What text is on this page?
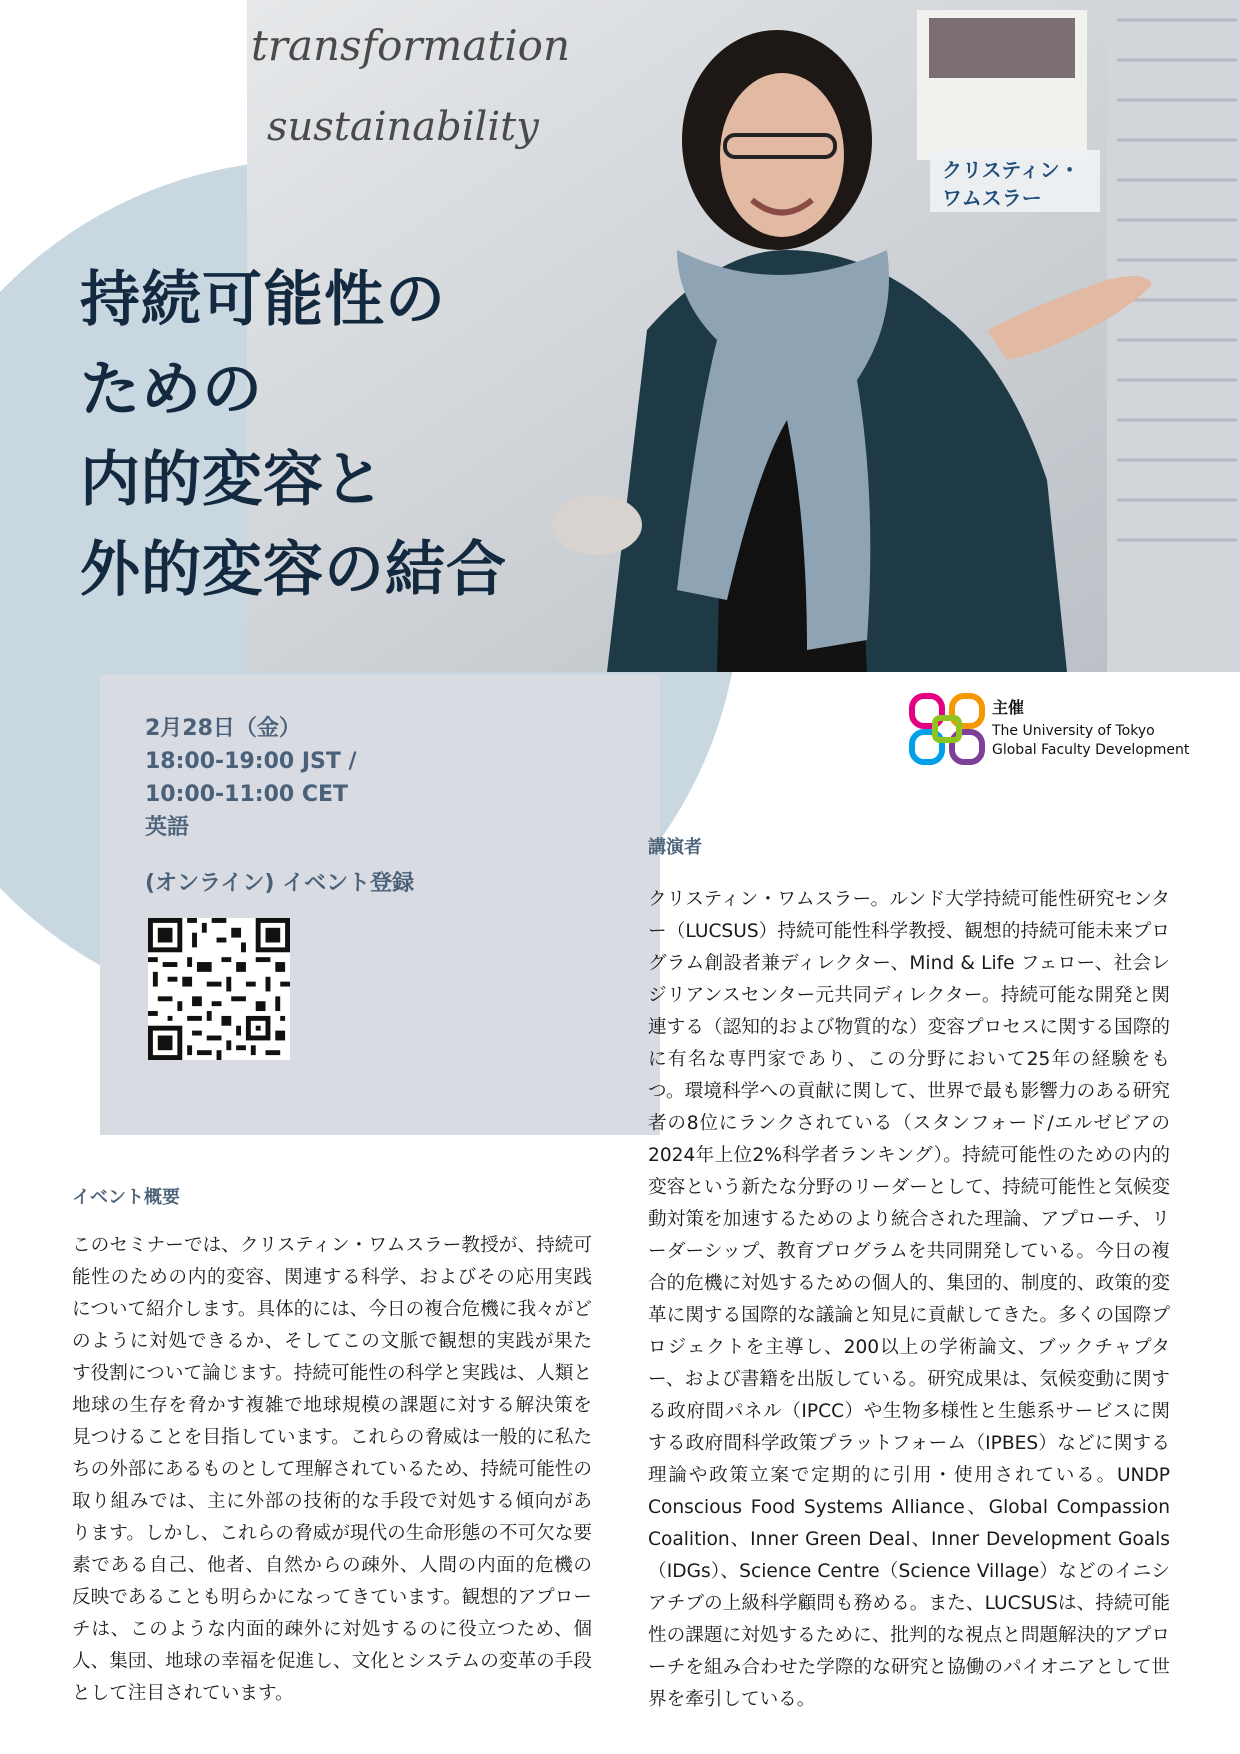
transformation
sustainability
クリスティン・
ワムスラー
持続可能性の
ための
内的変容と
外的変容の結合
2月28日（金）
18:00-19:00 JST /
10:00-11:00 CET
英語
(オンライン) イベント登録
主催
The University of Tokyo
Global Faculty Development
講演者

クリスティン・ワムスラー。ルンド大学持続可能性研究センター（LUCSUS）持続可能性科学教授、観想的持続可能未来プログラム創設者兼ディレクター、Mind & Life フェロー、社会レジリアンスセンター元共同ディレクター。持続可能な開発と関連する（認知的および物質的な）変容プロセスに関する国際的に有名な専門家であり、この分野において25年の経験をもつ。環境科学への貢献に関して、世界で最も影響力のある研究者の8位にランクされている（スタンフォード/エルゼビアの2024年上位2%科学者ランキング）。持続可能性のための内的変容という新たな分野のリーダーとして、持続可能性と気候変動対策を加速するためのより統合された理論、アプローチ、リーダーシップ、教育プログラムを共同開発している。今日の複合的危機に対処するための個人的、集団的、制度的、政策的変革に関する国際的な議論と知見に貢献してきた。多くの国際プロジェクトを主導し、200以上の学術論文、ブックチャプター、および書籍を出版している。研究成果は、気候変動に関する政府間パネル（IPCC）や生物多様性と生態系サービスに関する政府間科学政策プラットフォーム（IPBES）などに関する理論や政策立案で定期的に引用・使用されている。UNDP Conscious Food Systems Alliance、Global Compassion Coalition、Inner Green Deal、Inner Development Goals（IDGs）、Science Centre（Science Village）などのイニシアチブの上級科学顧問も務める。また、LUCSUSは、持続可能性の課題に対処するために、批判的な視点と問題解決的アプローチを組み合わせた学際的な研究と協働のパイオニアとして世界を牽引している。

イベント概要

このセミナーでは、クリスティン・ワムスラー教授が、持続可能性のための内的変容、関連する科学、およびその応用実践について紹介します。具体的には、今日の複合危機に我々がどのように対処できるか、そしてこの文脈で観想的実践が果たす役割について論じます。持続可能性の科学と実践は、人類と地球の生存を脅かす複雑で地球規模の課題に対する解決策を見つけることを目指しています。これらの脅威は一般的に私たちの外部にあるものとして理解されているため、持続可能性の取り組みでは、主に外部の技術的な手段で対処する傾向があります。しかし、これらの脅威が現代の生命形態の不可欠な要素である自己、他者、自然からの疎外、人間の内面的危機の反映であることも明らかになってきています。観想的アプローチは、このような内面的疎外に対処するのに役立つため、個人、集団、地球の幸福を促進し、文化とシステムの変革の手段として注目されています。
